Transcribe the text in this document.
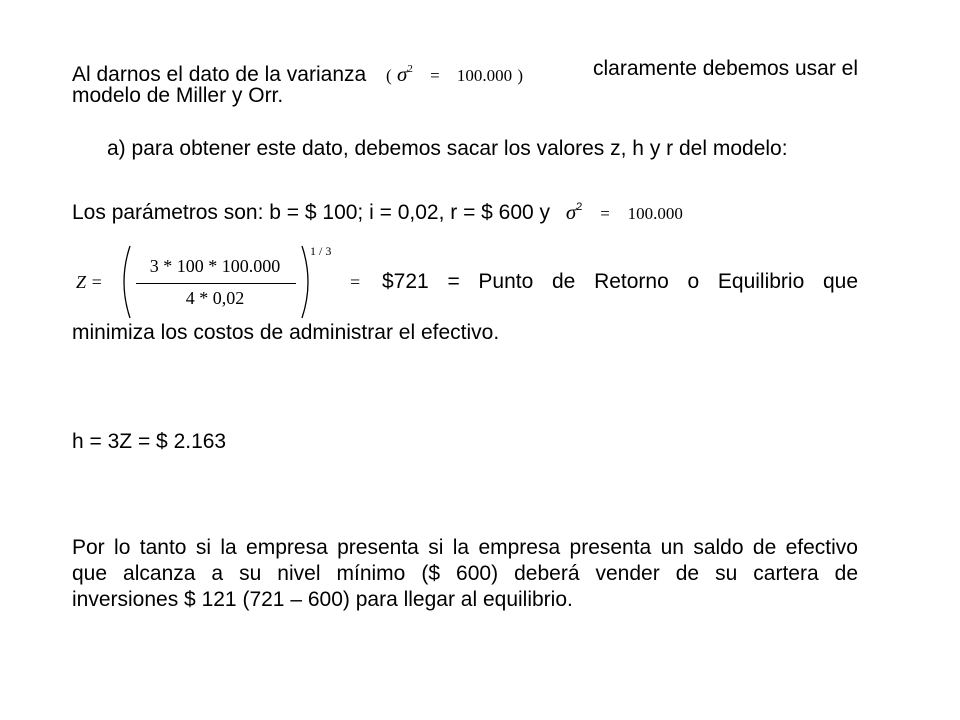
Al darnos el dato de la varianza ( $\sigma^2 = 100.000$ )	claramente debemos usar el
modelo de Miller y Orr.
a) para obtener este dato, debemos sacar los valores z, h y r del modelo:
Los parámetros son: b = $ 100; i = 0,02, r = $ 600 y $\sigma^2 = 100.000$
Z =
3 * 100 * 100.000
4 * 0,02
1 / 3
= $721 = Punto de Retorno o Equilibrio que
minimiza los costos de administrar el efectivo.
h = 3Z = $ 2.163
Por lo tanto si la empresa presenta si la empresa presenta un saldo de efectivo
que alcanza a su nivel mínimo ($ 600) deberá vender de su cartera de
inversiones $ 121 (721 – 600) para llegar al equilibrio.
